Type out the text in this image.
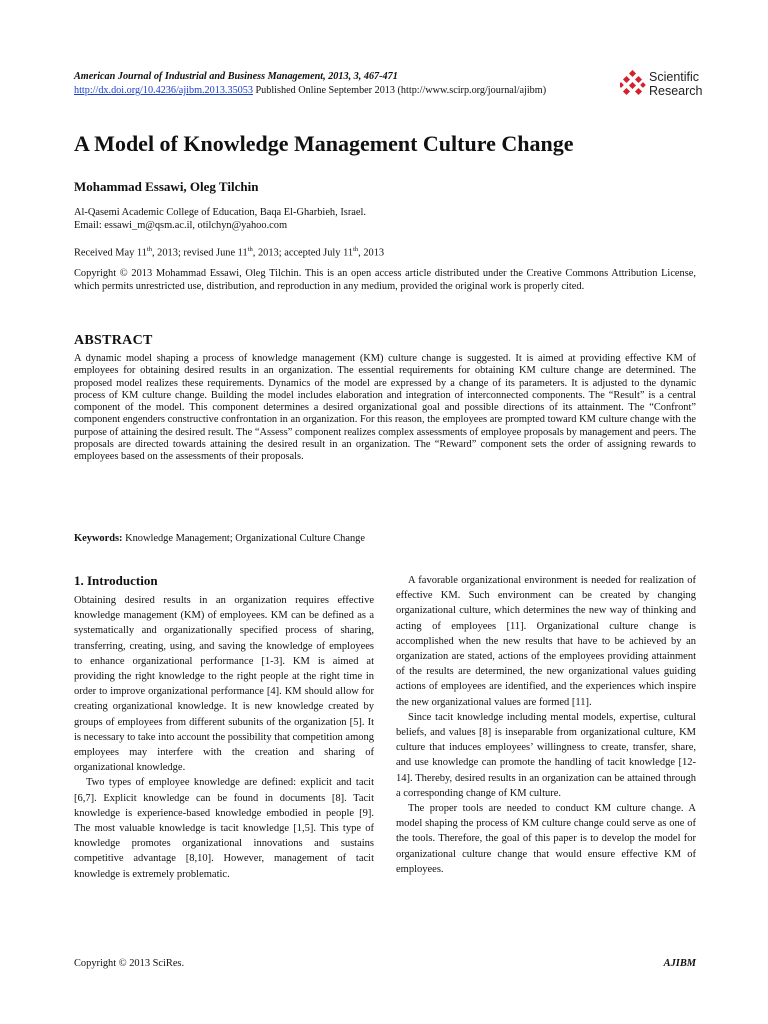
American Journal of Industrial and Business Management, 2013, 3, 467-471
http://dx.doi.org/10.4236/ajibm.2013.35053 Published Online September 2013 (http://www.scirp.org/journal/ajibm)
Scientific
Research
A Model of Knowledge Management Culture Change
Mohammad Essawi, Oleg Tilchin
Al-Qasemi Academic College of Education, Baqa El-Gharbieh, Israel.
Email: essawi_m@qsm.ac.il, otilchyn@yahoo.com
Received May 11th, 2013; revised June 11th, 2013; accepted July 11th, 2013
Copyright © 2013 Mohammad Essawi, Oleg Tilchin. This is an open access article distributed under the Creative Commons Attribution License, which permits unrestricted use, distribution, and reproduction in any medium, provided the original work is properly cited.
ABSTRACT
A dynamic model shaping a process of knowledge management (KM) culture change is suggested. It is aimed at providing effective KM of employees for obtaining desired results in an organization. The essential requirements for obtaining KM culture change are determined. The proposed model realizes these requirements. Dynamics of the model are expressed by a change of its parameters. It is adjusted to the dynamic process of KM culture change. Building the model includes elaboration and integration of interconnected components. The “Result” is a central component of the model. This component determines a desired organizational goal and possible directions of its attainment. The “Confront” component engenders constructive confrontation in an organization. For this reason, the employees are prompted toward KM culture change with the purpose of attaining the desired result. The “Assess” component realizes complex assessments of employee proposals by management and peers. The proposals are directed towards attaining the desired result in an organization. The “Reward” component sets the order of assigning rewards to employees based on the assessments of their proposals.
Keywords: Knowledge Management; Organizational Culture Change
1. Introduction

Obtaining desired results in an organization requires effective knowledge management (KM) of employees. KM can be defined as a systematically and organizationally specified process of sharing, transferring, creating, using, and saving the knowledge of employees to enhance organizational performance [1-3]. KM is aimed at providing the right knowledge to the right people at the right time in order to improve organizational performance [4]. KM should allow for creating organizational knowledge. It is new knowledge created by groups of employees from different subunits of the organization [5]. It is necessary to take into account the possibility that competition among employees may interfere with the creation and sharing of organizational knowledge.

Two types of employee knowledge are defined: explicit and tacit [6,7]. Explicit knowledge can be found in documents [8]. Tacit knowledge is experience-based knowledge embodied in people [9]. The most valuable knowledge is tacit knowledge [1,5]. This type of knowledge promotes organizational innovations and sustains competitive advantage [8,10]. However, management of tacit knowledge is extremely problematic.

A favorable organizational environment is needed for realization of effective KM. Such environment can be created by changing organizational culture, which determines the new way of thinking and acting of employees [11]. Organizational culture change is accomplished when the new results that have to be achieved by an organization are stated, actions of the employees providing attainment of the results are determined, the new organizational values guiding actions of employees are identified, and the experiences which inspire the new organizational values are formed [11].

Since tacit knowledge including mental models, expertise, cultural beliefs, and values [8] is inseparable from organizational culture, KM culture that induces employees’ willingness to create, transfer, share, and use knowledge can promote the handling of tacit knowledge [12-14]. Thereby, desired results in an organization can be attained through a corresponding change of KM culture.

The proper tools are needed to conduct KM culture change. A model shaping the process of KM culture change could serve as one of the tools. Therefore, the goal of this paper is to develop the model for organizational culture change that would ensure effective KM of employees.

Copyright © 2013 SciRes.	AJIBM
